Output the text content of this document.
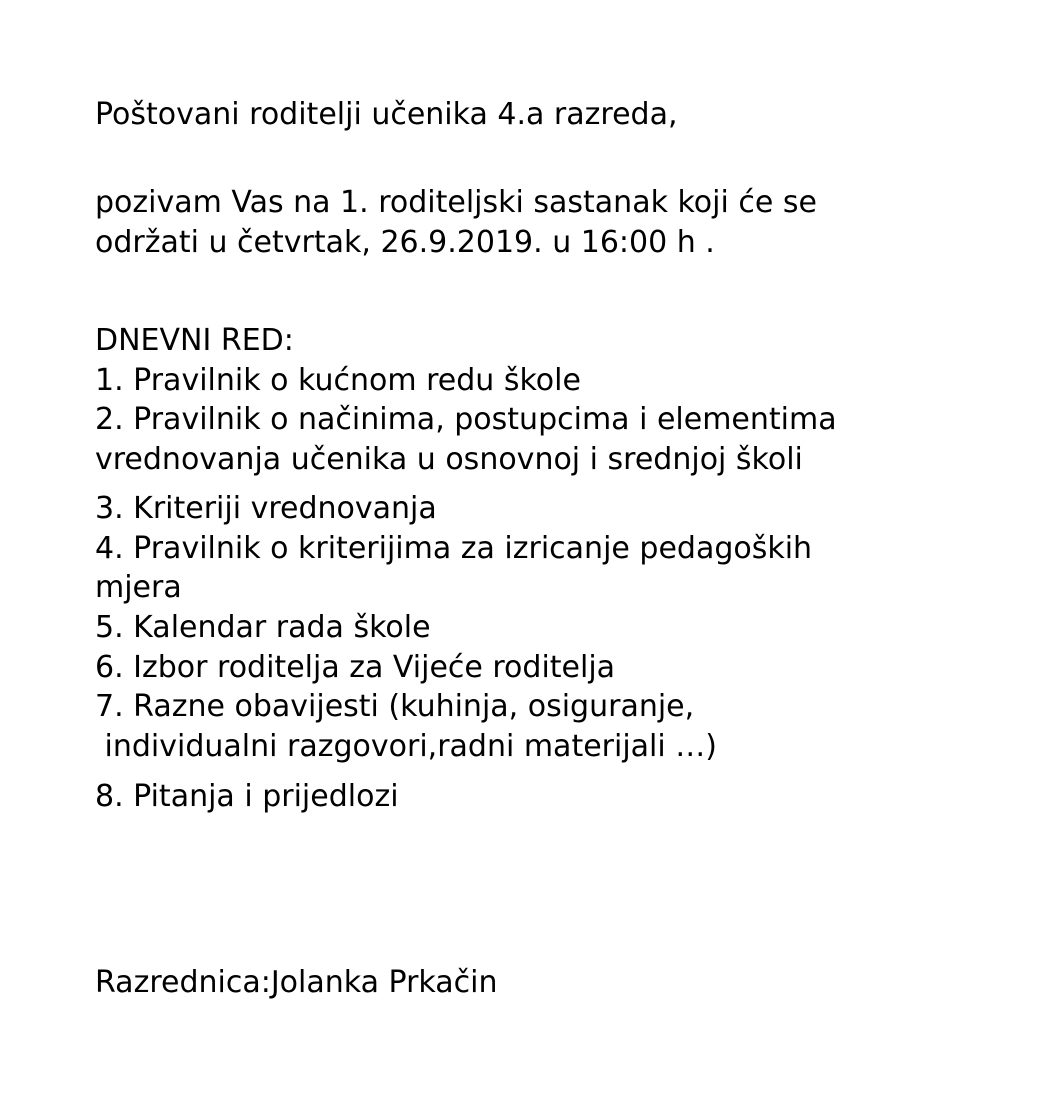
Poštovani roditelji učenika 4.a razreda,

pozivam Vas na 1. roditeljski sastanak koji će se

održati u četvrtak, 26.9.2019. u 16:00 h .

DNEVNI RED:

1. Pravilnik o kućnom redu škole

2. Pravilnik o načinima, postupcima i elementima

vrednovanja učenika u osnovnoj i srednjoj školi

3. Kriteriji vrednovanja

4. Pravilnik o kriterijima za izricanje pedagoških

mjera

5. Kalendar rada škole

6. Izbor roditelja za Vijeće roditelja

7. Razne obavijesti (kuhinja, osiguranje,

individualni razgovori,radni materijali …)

8. Pitanja i prijedlozi

Razrednica:Jolanka Prkačin
